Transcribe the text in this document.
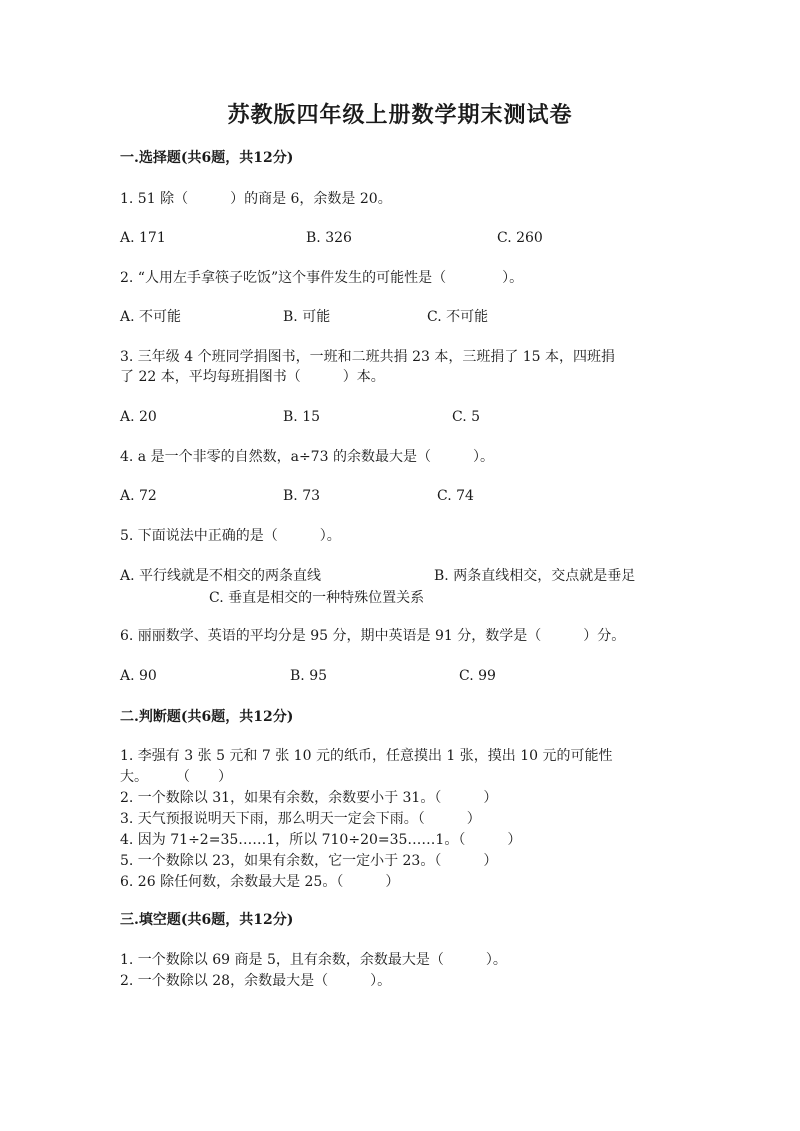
苏教版四年级上册数学期末测试卷
一.选择题(共6题，共12分)
1. 51 除（　　　）的商是 6，余数是 20。
A. 171	B. 326	C. 260
2. “人用左手拿筷子吃饭”这个事件发生的可能性是（　　　　）。
A. 不可能	B. 可能	C. 不可能
3. 三年级 4 个班同学捐图书，一班和二班共捐 23 本，三班捐了 15 本，四班捐
了 22 本，平均每班捐图书（　　　）本。
A. 20	B. 15	C. 5
4. a 是一个非零的自然数，a÷73 的余数最大是（　　　）。
A. 72	B. 73	C. 74
5. 下面说法中正确的是（　　　）。
A. 平行线就是不相交的两条直线	B. 两条直线相交，交点就是垂足
C. 垂直是相交的一种特殊位置关系
6. 丽丽数学、英语的平均分是 95 分，期中英语是 91 分，数学是（　　　）分。
A. 90	B. 95	C. 99
二.判断题(共6题，共12分)
1. 李强有 3 张 5 元和 7 张 10 元的纸币，任意摸出 1 张，摸出 10 元的可能性
大。　　　（　　）
2. 一个数除以 31，如果有余数，余数要小于 31。（　　　）
3. 天气预报说明天下雨，那么明天一定会下雨。（　　　）
4. 因为 71÷2=35……1，所以 710÷20=35……1。（　　　）
5. 一个数除以 23，如果有余数，它一定小于 23。（　　　）
6. 26 除任何数，余数最大是 25。（　　　）
三.填空题(共6题，共12分)
1. 一个数除以 69 商是 5，且有余数，余数最大是（　　　）。
2. 一个数除以 28，余数最大是（　　　）。
